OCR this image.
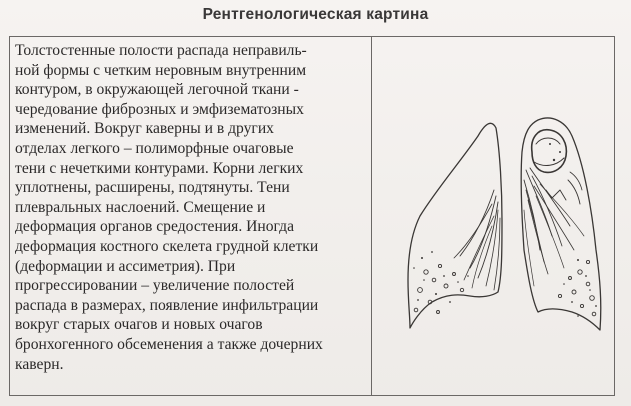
Рентгенологическая картина
Толстостенные полости распада неправиль-
ной формы с четким неровным внутренним
контуром, в окружающей легочной ткани -
чередование фиброзных и эмфизематозных
изменений. Вокруг каверны и в других
отделах легкого – полиморфные очаговые
тени с нечеткими контурами. Корни легких
уплотнены, расширены, подтянуты. Тени
плевральных наслоений. Смещение и
деформация органов средостения. Иногда
деформация костного скелета грудной клетки
(деформации и ассиметрия). При
прогрессировании – увеличение полостей
распада в размерах, появление инфильтрации
вокруг старых очагов и новых очагов
бронхогенного обсеменения а также дочерних
каверн.
